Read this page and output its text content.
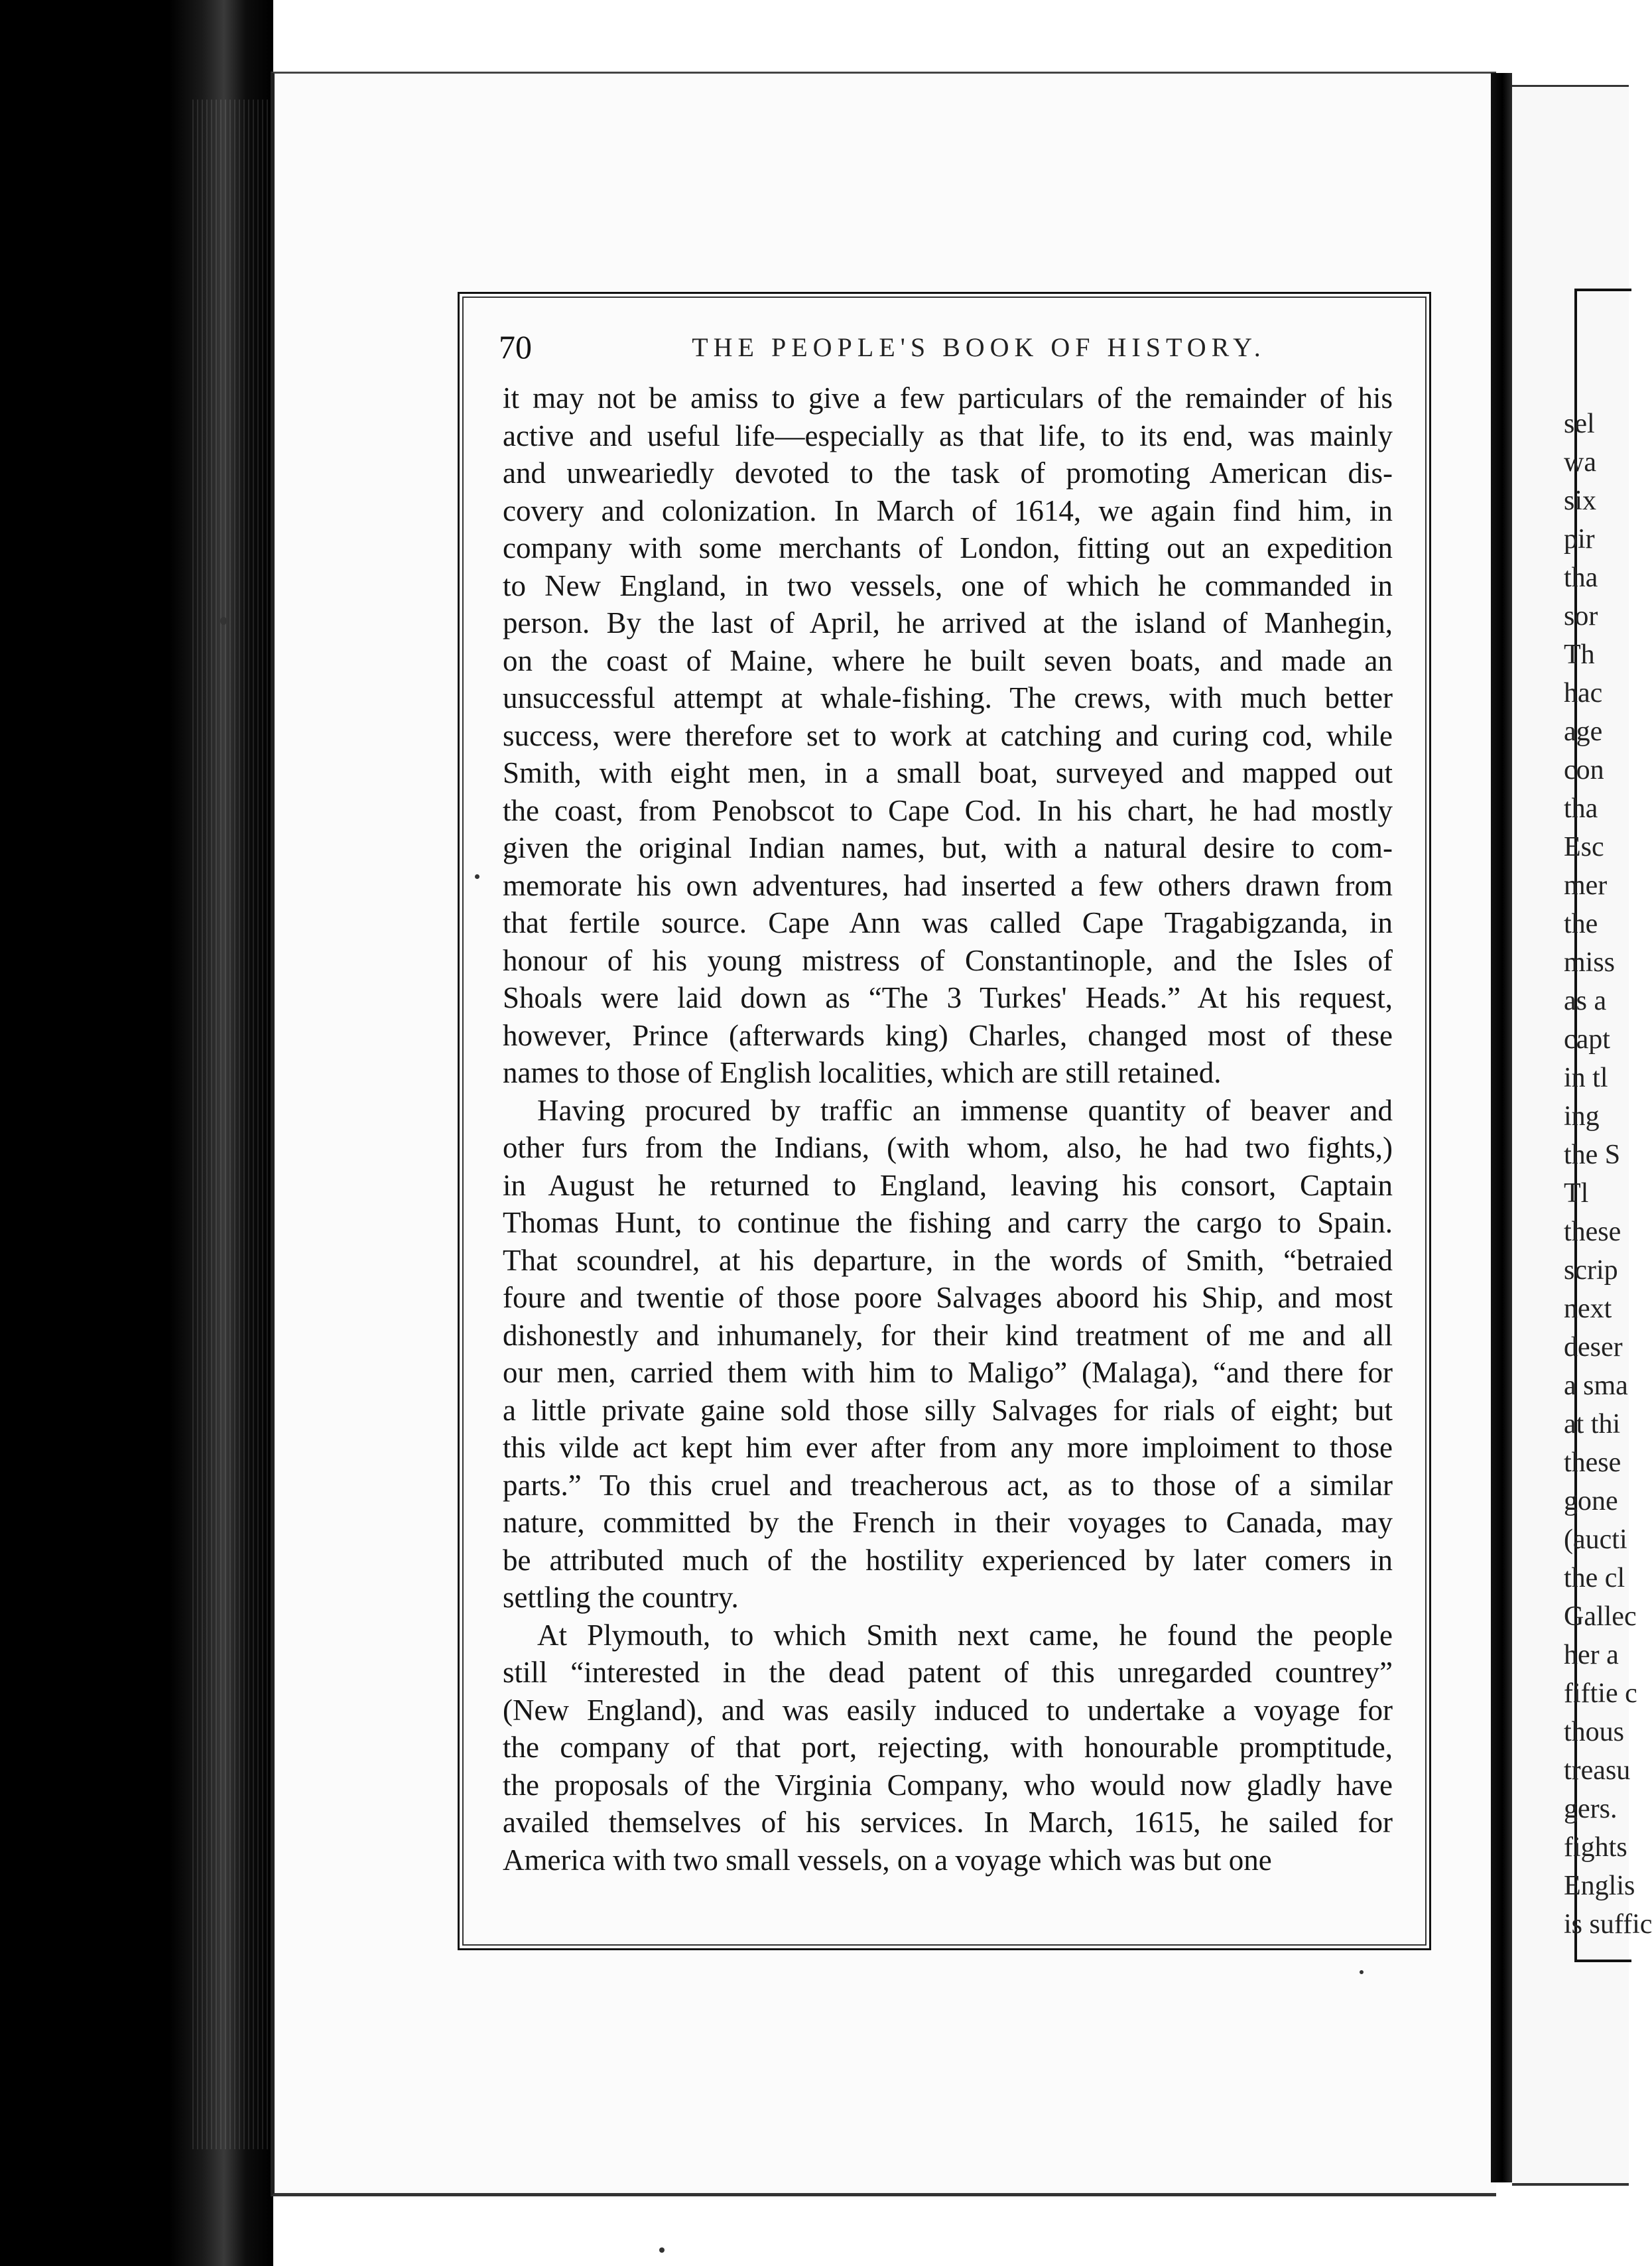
sel
wa
six
pir
tha
sor
Th
hac
age
con
tha
Esc
mer
the
miss
as a
capt
in tl
ing
the S
Tl
these
scrip
next
deser
a sma
at thi
these
gone
(aucti
the cl
Gallec
her a
fiftie c
thous
treasu
gers.
fights
Englis
is suffic
70	THE PEOPLE'S BOOK OF HISTORY.
it may not be amiss to give a few particulars of the remainder of his
active and useful life—especially as that life, to its end, was mainly
and unweariedly devoted to the task of promoting American dis-
covery and colonization. In March of 1614, we again find him, in
company with some merchants of London, fitting out an expedition
to New England, in two vessels, one of which he commanded in
person. By the last of April, he arrived at the island of Manhegin,
on the coast of Maine, where he built seven boats, and made an
unsuccessful attempt at whale-fishing. The crews, with much better
success, were therefore set to work at catching and curing cod, while
Smith, with eight men, in a small boat, surveyed and mapped out
the coast, from Penobscot to Cape Cod. In his chart, he had mostly
given the original Indian names, but, with a natural desire to com-
memorate his own adventures, had inserted a few others drawn from
that fertile source. Cape Ann was called Cape Tragabigzanda, in
honour of his young mistress of Constantinople, and the Isles of
Shoals were laid down as “The 3 Turkes' Heads.” At his request,
however, Prince (afterwards king) Charles, changed most of these
names to those of English localities, which are still retained.
Having procured by traffic an immense quantity of beaver and
other furs from the Indians, (with whom, also, he had two fights,)
in August he returned to England, leaving his consort, Captain
Thomas Hunt, to continue the fishing and carry the cargo to Spain.
That scoundrel, at his departure, in the words of Smith, “betraied
foure and twentie of those poore Salvages aboord his Ship, and most
dishonestly and inhumanely, for their kind treatment of me and all
our men, carried them with him to Maligo” (Malaga), “and there for
a little private gaine sold those silly Salvages for rials of eight; but
this vilde act kept him ever after from any more imploiment to those
parts.” To this cruel and treacherous act, as to those of a similar
nature, committed by the French in their voyages to Canada, may
be attributed much of the hostility experienced by later comers in
settling the country.
At Plymouth, to which Smith next came, he found the people
still “interested in the dead patent of this unregarded countrey”
(New England), and was easily induced to undertake a voyage for
the company of that port, rejecting, with honourable promptitude,
the proposals of the Virginia Company, who would now gladly have
availed themselves of his services. In March, 1615, he sailed for
America with two small vessels, on a voyage which was but one
